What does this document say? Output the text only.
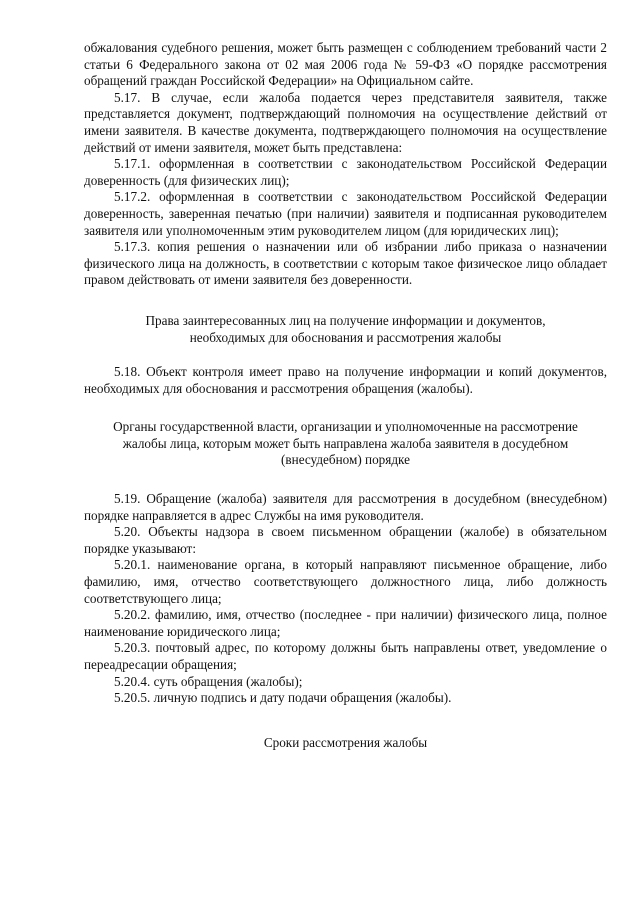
обжалования судебного решения, может быть размещен с соблюдением требований части 2 статьи 6 Федерального закона от 02 мая 2006 года № 59-ФЗ «О порядке рассмотрения обращений граждан Российской Федерации» на Официальном сайте.

5.17. В случае, если жалоба подается через представителя заявителя, также представляется документ, подтверждающий полномочия на осуществление действий от имени заявителя. В качестве документа, подтверждающего полномочия на осуществление действий от имени заявителя, может быть представлена:

5.17.1. оформленная в соответствии с законодательством Российской Федерации доверенность (для физических лиц);

5.17.2. оформленная в соответствии с законодательством Российской Федерации доверенность, заверенная печатью (при наличии) заявителя и подписанная руководителем заявителя или уполномоченным этим руководителем лицом (для юридических лиц);

5.17.3. копия решения о назначении или об избрании либо приказа о назначении физического лица на должность, в соответствии с которым такое физическое лицо обладает правом действовать от имени заявителя без доверенности.

Права заинтересованных лиц на получение информации и документов, необходимых для обоснования и рассмотрения жалобы

5.18. Объект контроля имеет право на получение информации и копий документов, необходимых для обоснования и рассмотрения обращения (жалобы).

Органы государственной власти, организации и уполномоченные на рассмотрение жалобы лица, которым может быть направлена жалоба заявителя в досудебном (внесудебном) порядке

5.19. Обращение (жалоба) заявителя для рассмотрения в досудебном (внесудебном) порядке направляется в адрес Службы на имя руководителя.

5.20. Объекты надзора в своем письменном обращении (жалобе) в обязательном порядке указывают:

5.20.1. наименование органа, в который направляют письменное обращение, либо фамилию, имя, отчество соответствующего должностного лица, либо должность соответствующего лица;

5.20.2. фамилию, имя, отчество (последнее - при наличии) физического лица, полное наименование юридического лица;

5.20.3. почтовый адрес, по которому должны быть направлены ответ, уведомление о переадресации обращения;

5.20.4. суть обращения (жалобы);

5.20.5. личную подпись и дату подачи обращения (жалобы).

Сроки рассмотрения жалобы
